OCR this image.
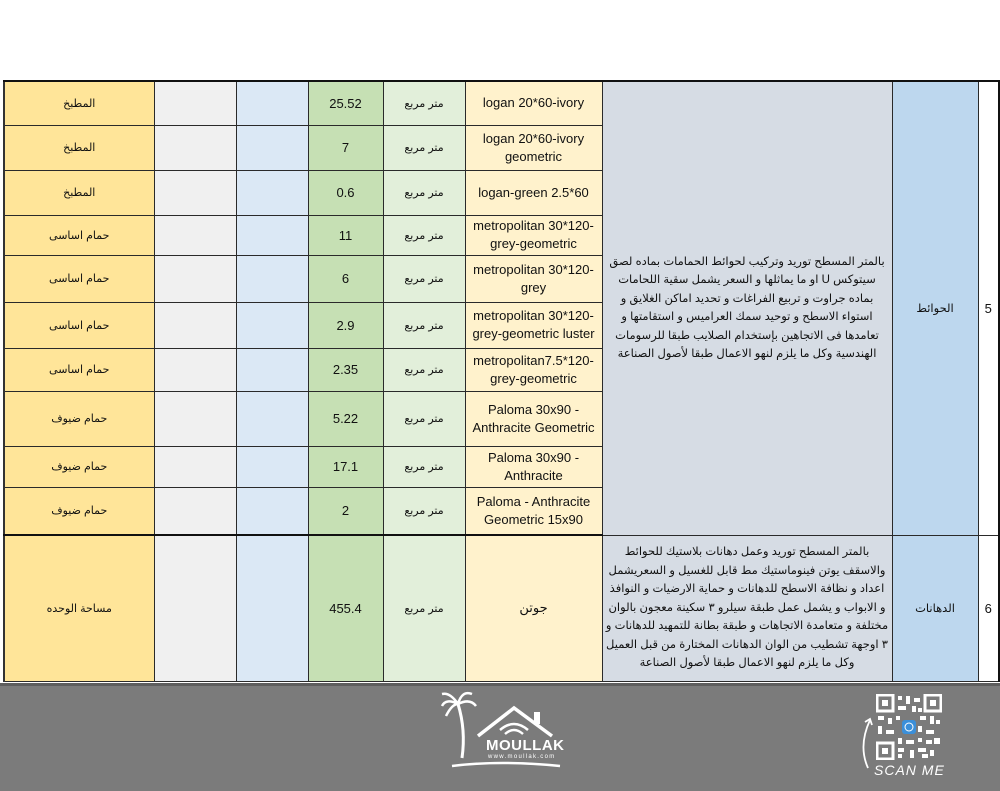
المطبخ			25.52	متر مربع	logan 20*60-ivory	بالمتر المسطح توريد وتركيب لحوائط الحمامات بماده لصق سيتوكس U او ما يماثلها و السعر يشمل سقية اللحامات بماده جراوت و تربيع الفراغات و تحديد اماكن الغلايق و استواء الاسطح و توحيد سمك العراميس و استقامتها و تعامدها فى الاتجاهين بإستخدام الصلايب طبقا للرسومات الهندسية وكل ما يلزم لنهو الاعمال طبقا لأصول الصناعة	الحوائط	5
المطبخ			7	متر مربع	logan 20*60-ivory geometric			
المطبخ			0.6	متر مربع	logan-green 2.5*60			
حمام اساسى			11	متر مربع	metropolitan 30*120-grey-geometric			
حمام اساسى			6	متر مربع	metropolitan 30*120-grey			
حمام اساسى			2.9	متر مربع	metropolitan 30*120-grey-geometric luster			
حمام اساسى			2.35	متر مربع	metropolitan7.5*120-grey-geometric			
حمام ضيوف			5.22	متر مربع	Paloma 30x90 - Anthracite Geometric			
حمام ضيوف			17.1	متر مربع	Paloma 30x90 - Anthracite			
حمام ضيوف			2	متر مربع	Paloma - Anthracite Geometric 15x90			
مساحة الوحده			455.4	متر مربع	جوتن	بالمتر المسطح توريد وعمل دهانات بلاستيك للحوائط والاسقف يوتن فينوماستيك مط قابل للغسيل و السعريشمل اعداد و نظافة الاسطح للدهانات و حماية الارضيات و النوافذ و الابواب و يشمل عمل طبقة سيلرو ٣ سكينة معجون بالوان مختلفة و متعامدة الاتجاهات و طبقة بطانة للتمهيد للدهانات و ٣ اوجهة تشطيب من الوان الدهانات المختارة من قبل العميل وكل ما يلزم لنهو الاعمال طبقا لأصول الصناعة	الدهانات	6
MOULLAK
www.moullak.com
SCAN ME
